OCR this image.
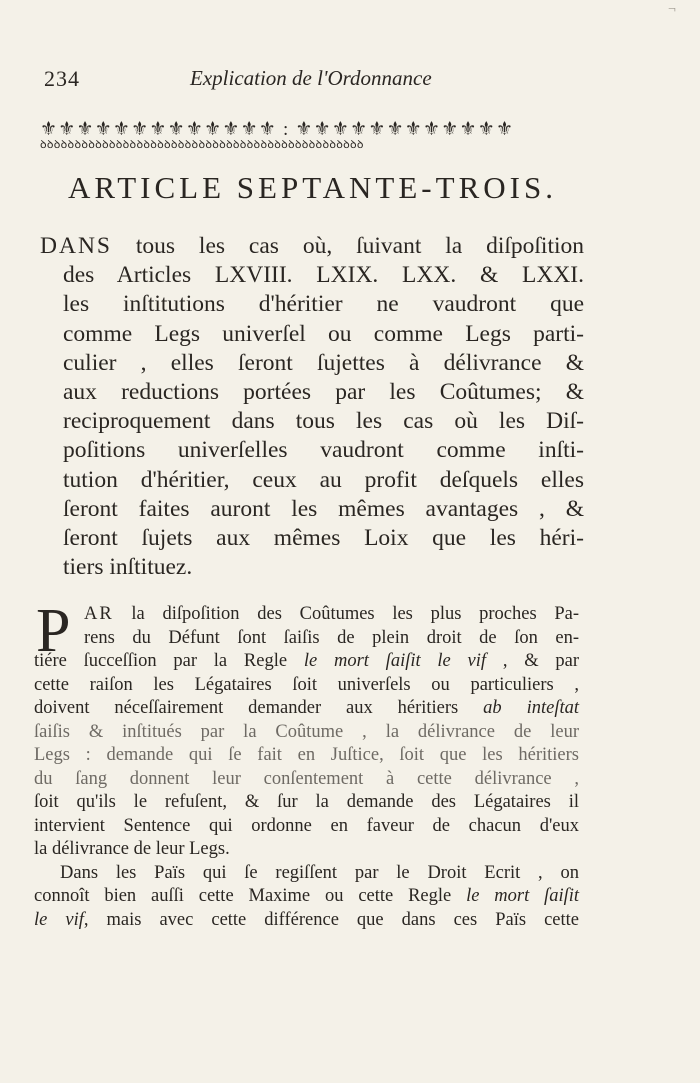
¬
234	Explication de l'Ordonnance
⚜⚜⚜⚜⚜⚜⚜⚜⚜⚜⚜⚜⚜ : ⚜⚜⚜⚜⚜⚜⚜⚜⚜⚜⚜⚜
ꝺꝺꝺꝺꝺꝺꝺꝺꝺꝺꝺꝺꝺꝺꝺꝺꝺꝺꝺꝺꝺꝺꝺꝺꝺꝺꝺꝺꝺꝺꝺꝺꝺꝺꝺꝺꝺꝺꝺꝺꝺꝺꝺꝺꝺꝺꝺ
ARTICLE SEPTANTE-TROIS.
DANS tous les cas où, ſuivant la diſpoſition
des Articles LXVIII. LXIX. LXX. & LXXI.
les inſtitutions d'héritier ne vaudront que
comme Legs univerſel ou comme Legs parti-
culier , elles ſeront ſujettes à délivrance &
aux reductions portées par les Coûtumes; &
reciproquement dans tous les cas où les Diſ-
poſitions univerſelles vaudront comme inſti-
tution d'héritier, ceux au profit deſquels elles
ſeront faites auront les mêmes avantages , &
ſeront ſujets aux mêmes Loix que les héri-
tiers inſtituez.
P AR la diſpoſition des Coûtumes les plus proches Pa-
rens du Défunt ſont ſaiſis de plein droit de ſon en-
tiére ſucceſſion par la Regle le mort ſaiſit le vif , & par
cette raiſon les Légataires ſoit univerſels ou particuliers ,
doivent néceſſairement demander aux héritiers ab inteſtat
ſaiſis & inſtitués par la Coûtume , la délivrance de leur
Legs : demande qui ſe fait en Juſtice, ſoit que les héritiers
du ſang donnent leur conſentement à cette délivrance ,
ſoit qu'ils le refuſent, & ſur la demande des Légataires il
intervient Sentence qui ordonne en faveur de chacun d'eux
la délivrance de leur Legs.
Dans les Païs qui ſe regiſſent par le Droit Ecrit , on
connoît bien auſſi cette Maxime ou cette Regle le mort ſaiſit
le vif, mais avec cette différence que dans ces Païs cette
